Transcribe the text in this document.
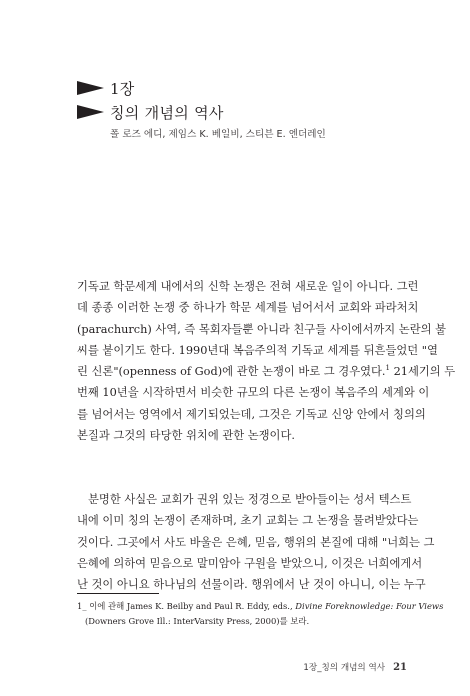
1장
칭의 개념의 역사
폴 로즈 에디, 제임스 K. 베일비, 스티븐 E. 엔더레인
기독교 학문세계 내에서의 신학 논쟁은 전혀 새로운 일이 아니다. 그런
데 종종 이러한 논쟁 중 하나가 학문 세계를 넘어서서 교회와 파라처치
(parachurch) 사역, 즉 목회자들뿐 아니라 친구들 사이에서까지 논란의 불
씨를 붙이기도 한다. 1990년대 복음주의적 기독교 세계를 뒤흔들었던 "열
린 신론"(openness of God)에 관한 논쟁이 바로 그 경우였다.$^1$ 21세기의 두
번째 10년을 시작하면서 비슷한 규모의 다른 논쟁이 복음주의 세계와 이
를 넘어서는 영역에서 제기되었는데, 그것은 기독교 신앙 안에서 칭의의
본질과 그것의 타당한 위치에 관한 논쟁이다.
분명한 사실은 교회가 권위 있는 정경으로 받아들이는 성서 텍스트
내에 이미 칭의 논쟁이 존재하며, 초기 교회는 그 논쟁을 물려받았다는
것이다. 그곳에서 사도 바울은 은혜, 믿음, 행위의 본질에 대해 "너희는 그
은혜에 의하여 믿음으로 말미암아 구원을 받았으니, 이것은 너희에게서
난 것이 아니요 하나님의 선물이라. 행위에서 난 것이 아니니, 이는 누구
1_ 이에 관해 James K. Beilby and Paul R. Eddy, eds., Divine Foreknowledge: Four Views
(Downers Grove Ill.: InterVarsity Press, 2000)를 보라.
1장_칭의 개념의 역사 21
